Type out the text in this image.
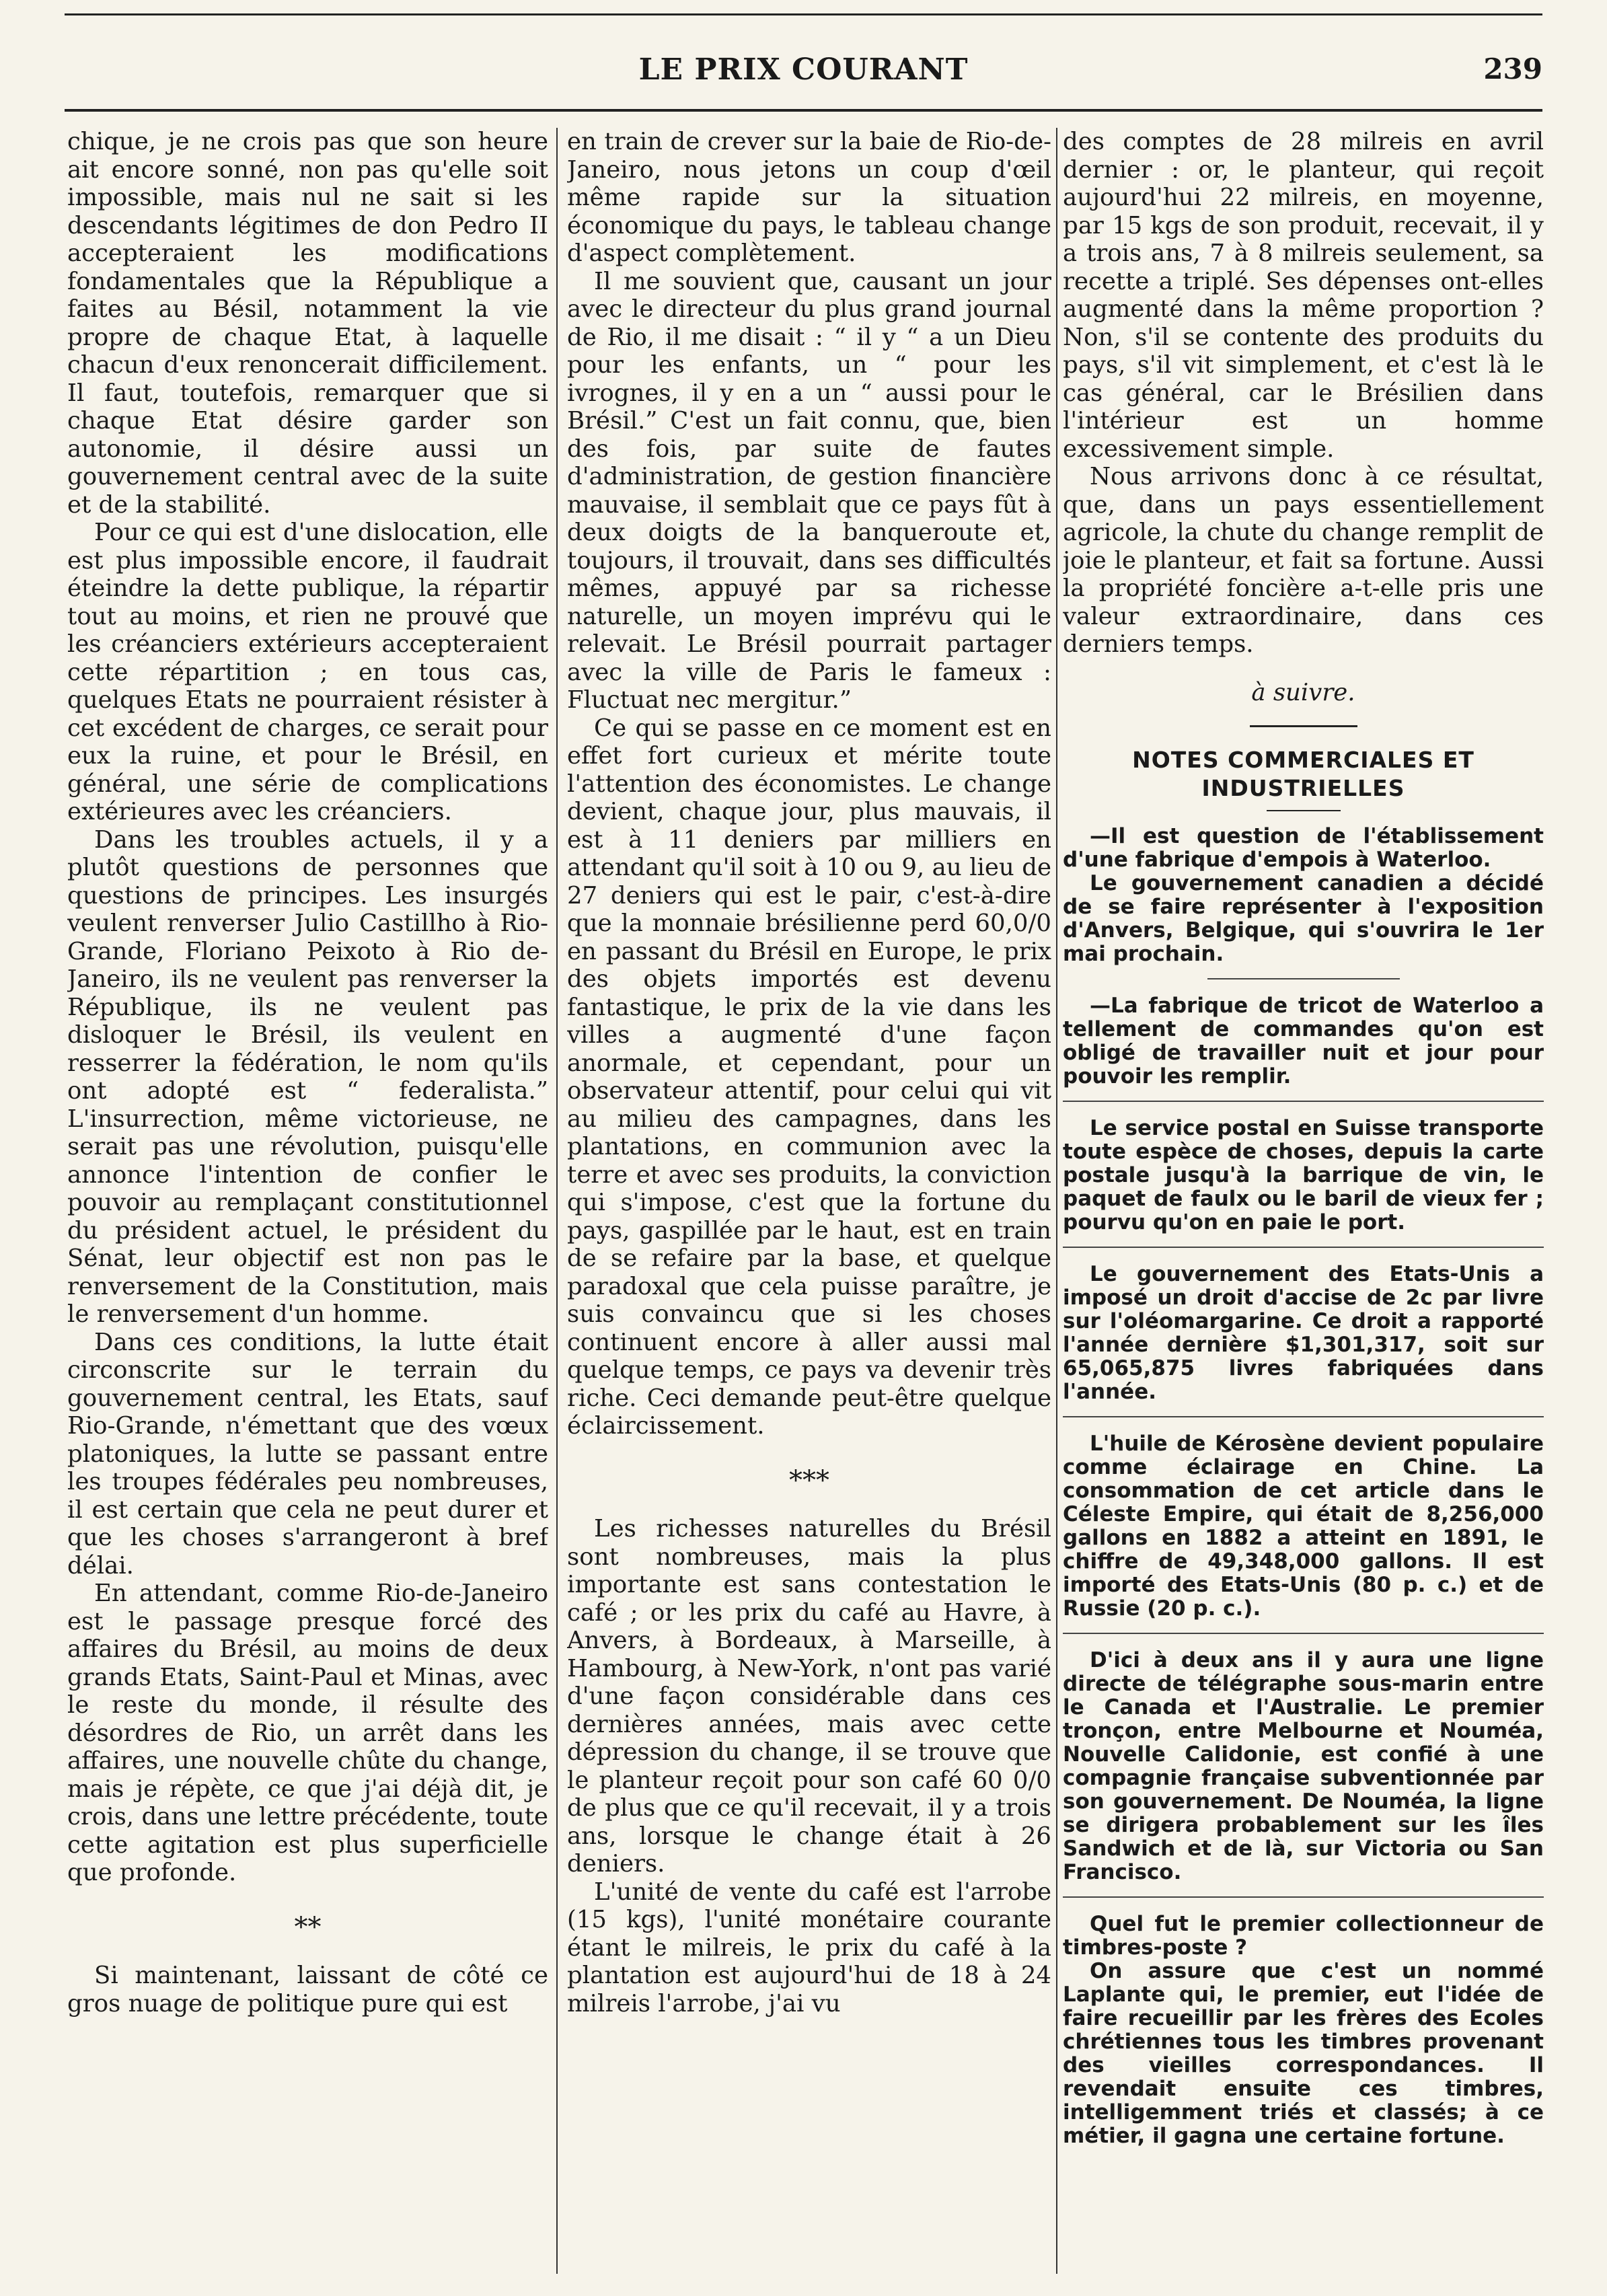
LE PRIX COURANT	239

chique, je ne crois pas que son heure ait encore sonné, non pas qu'elle soit impossible, mais nul ne sait si les descendants légitimes de don Pedro II accepteraient les modifications fondamentales que la République a faites au Bésil, notamment la vie propre de chaque Etat, à laquelle chacun d'eux renoncerait difficilement. Il faut, toutefois, remarquer que si chaque Etat désire garder son autonomie, il désire aussi un gouvernement central avec de la suite et de la stabilité.

Pour ce qui est d'une dislocation, elle est plus impossible encore, il faudrait éteindre la dette publique, la répartir tout au moins, et rien ne prouvé que les créanciers extérieurs accepteraient cette répartition ; en tous cas, quelques Etats ne pourraient résister à cet excédent de charges, ce serait pour eux la ruine, et pour le Brésil, en général, une série de complications extérieures avec les créanciers.

Dans les troubles actuels, il y a plutôt questions de personnes que questions de principes. Les insurgés veulent renverser Julio Castillho à Rio-Grande, Floriano Peixoto à Rio de-Janeiro, ils ne veulent pas renverser la République, ils ne veulent pas disloquer le Brésil, ils veulent en resserrer la fédération, le nom qu'ils ont adopté est “ federalista.” L'insurrection, même victorieuse, ne serait pas une révolution, puisqu'elle annonce l'intention de confier le pouvoir au remplaçant constitutionnel du président actuel, le président du Sénat, leur objectif est non pas le renversement de la Constitution, mais le renversement d'un homme.

Dans ces conditions, la lutte était circonscrite sur le terrain du gouvernement central, les Etats, sauf Rio-Grande, n'émettant que des vœux platoniques, la lutte se passant entre les troupes fédérales peu nombreuses, il est certain que cela ne peut durer et que les choses s'arrangeront à bref délai.

En attendant, comme Rio-de-Janeiro est le passage presque forcé des affaires du Brésil, au moins de deux grands Etats, Saint-Paul et Minas, avec le reste du monde, il résulte des désordres de Rio, un arrêt dans les affaires, une nouvelle chûte du change, mais je répète, ce que j'ai déjà dit, je crois, dans une lettre précédente, toute cette agitation est plus superficielle que profonde.

**

Si maintenant, laissant de côté ce gros nuage de politique pure qui est

en train de crever sur la baie de Rio-de-Janeiro, nous jetons un coup d'œil même rapide sur la situation économique du pays, le tableau change d'aspect complètement.

Il me souvient que, causant un jour avec le directeur du plus grand journal de Rio, il me disait : “ il y “ a un Dieu pour les enfants, un “ pour les ivrognes, il y en a un “ aussi pour le Brésil.” C'est un fait connu, que, bien des fois, par suite de fautes d'administration, de gestion financière mauvaise, il semblait que ce pays fût à deux doigts de la banqueroute et, toujours, il trouvait, dans ses difficultés mêmes, appuyé par sa richesse naturelle, un moyen imprévu qui le relevait. Le Brésil pourrait partager avec la ville de Paris le fameux : Fluctuat nec mergitur.”

Ce qui se passe en ce moment est en effet fort curieux et mérite toute l'attention des économistes. Le change devient, chaque jour, plus mauvais, il est à 11 deniers par milliers en attendant qu'il soit à 10 ou 9, au lieu de 27 deniers qui est le pair, c'est-à-dire que la monnaie brésilienne perd 60,0/0 en passant du Brésil en Europe, le prix des objets importés est devenu fantastique, le prix de la vie dans les villes a augmenté d'une façon anormale, et cependant, pour un observateur attentif, pour celui qui vit au milieu des campagnes, dans les plantations, en communion avec la terre et avec ses produits, la conviction qui s'impose, c'est que la fortune du pays, gaspillée par le haut, est en train de se refaire par la base, et quelque paradoxal que cela puisse paraître, je suis convaincu que si les choses continuent encore à aller aussi mal quelque temps, ce pays va devenir très riche. Ceci demande peut-être quelque éclaircissement.

***

Les richesses naturelles du Brésil sont nombreuses, mais la plus importante est sans contestation le café ; or les prix du café au Havre, à Anvers, à Bordeaux, à Marseille, à Hambourg, à New-York, n'ont pas varié d'une façon considérable dans ces dernières années, mais avec cette dépression du change, il se trouve que le planteur reçoit pour son café 60 0/0 de plus que ce qu'il recevait, il y a trois ans, lorsque le change était à 26 deniers.

L'unité de vente du café est l'arrobe (15 kgs), l'unité monétaire courante étant le milreis, le prix du café à la plantation est aujourd'hui de 18 à 24 milreis l'arrobe, j'ai vu

des comptes de 28 milreis en avril dernier : or, le planteur, qui reçoit aujourd'hui 22 milreis, en moyenne, par 15 kgs de son produit, recevait, il y a trois ans, 7 à 8 milreis seulement, sa recette a triplé. Ses dépenses ont-elles augmenté dans la même proportion ? Non, s'il se contente des produits du pays, s'il vit simplement, et c'est là le cas général, car le Brésilien dans l'intérieur est un homme excessivement simple.

Nous arrivons donc à ce résultat, que, dans un pays essentiellement agricole, la chute du change remplit de joie le planteur, et fait sa fortune. Aussi la propriété foncière a-t-elle pris une valeur extraordinaire, dans ces derniers temps.

à suivre.
NOTES COMMERCIALES ET INDUSTRIELLES

—Il est question de l'établissement d'une fabrique d'empois à Waterloo.

Le gouvernement canadien a décidé de se faire représenter à l'exposition d'Anvers, Belgique, qui s'ouvrira le 1er mai prochain.

—La fabrique de tricot de Waterloo a tellement de commandes qu'on est obligé de travailler nuit et jour pour pouvoir les remplir.

Le service postal en Suisse transporte toute espèce de choses, depuis la carte postale jusqu'à la barrique de vin, le paquet de faulx ou le baril de vieux fer ; pourvu qu'on en paie le port.

Le gouvernement des Etats-Unis a imposé un droit d'accise de 2c par livre sur l'oléomargarine. Ce droit a rapporté l'année dernière $1,301,317, soit sur 65,065,875 livres fabriquées dans l'année.

L'huile de Kérosène devient populaire comme éclairage en Chine. La consommation de cet article dans le Céleste Empire, qui était de 8,256,000 gallons en 1882 a atteint en 1891, le chiffre de 49,348,000 gallons. Il est importé des Etats-Unis (80 p. c.) et de Russie (20 p. c.).

D'ici à deux ans il y aura une ligne directe de télégraphe sous-marin entre le Canada et l'Australie. Le premier tronçon, entre Melbourne et Nouméa, Nouvelle Calidonie, est confié à une compagnie française subventionnée par son gouvernement. De Nouméa, la ligne se dirigera probablement sur les îles Sandwich et de là, sur Victoria ou San Francisco.

Quel fut le premier collectionneur de timbres-poste ?

On assure que c'est un nommé Laplante qui, le premier, eut l'idée de faire recueillir par les frères des Ecoles chrétiennes tous les timbres provenant des vieilles correspondances. Il revendait ensuite ces timbres, intelligemment triés et classés; à ce métier, il gagna une certaine fortune.
